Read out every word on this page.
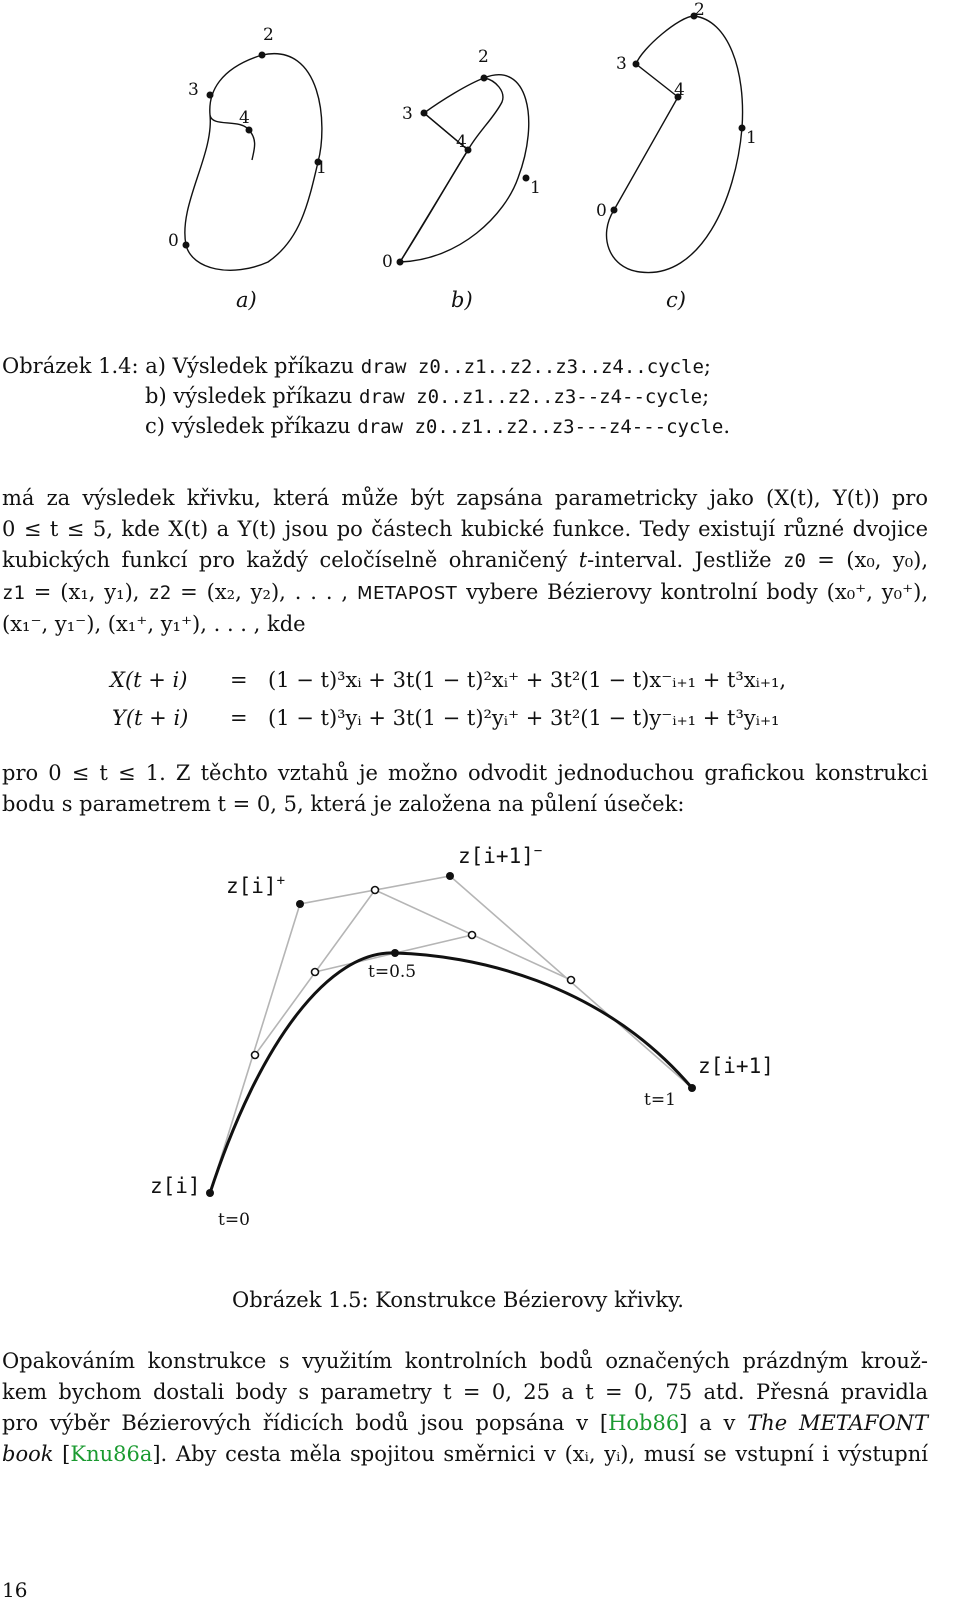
0
1
2
3
4
0
1
2
3
4
0
1
2
3
4
a)	b)	c)
Obrázek 1.4: a) Výsledek příkazu draw z0..z1..z2..z3..z4..cycle;
b) výsledek příkazu draw z0..z1..z2..z3--z4--cycle;
c) výsledek příkazu draw z0..z1..z2..z3---z4---cycle.
má za výsledek křivku, která může být zapsána parametricky jako (X(t), Y(t)) pro
0 ≤ t ≤ 5, kde X(t) a Y(t) jsou po částech kubické funkce. Tedy existují různé dvojice
kubických funkcí pro každý celočíselně ohraničený t-interval. Jestliže z0 = (x₀, y₀),
z1 = (x₁, y₁), z2 = (x₂, y₂), . . . , METAPOST vybere Bézierovy kontrolní body (x₀⁺, y₀⁺),
(x₁⁻, y₁⁻), (x₁⁺, y₁⁺), . . . , kde
X(t + i) = (1 − t)³xᵢ + 3t(1 − t)²xᵢ⁺ + 3t²(1 − t)x⁻ᵢ₊₁ + t³xᵢ₊₁,
Y(t + i) = (1 − t)³yᵢ + 3t(1 − t)²yᵢ⁺ + 3t²(1 − t)y⁻ᵢ₊₁ + t³yᵢ₊₁
pro 0 ≤ t ≤ 1. Z těchto vztahů je možno odvodit jednoduchou grafickou konstrukci
bodu s parametrem t = 0, 5, která je založena na půlení úseček:
z[i]+
z[i+1]−
z[i+1]
z[i]
t=0.5
t=1
t=0
Obrázek 1.5: Konstrukce Bézierovy křivky.
Opakováním konstrukce s využitím kontrolních bodů označených prázdným krouž-
kem bychom dostali body s parametry t = 0, 25 a t = 0, 75 atd. Přesná pravidla
pro výběr Bézierových řídicích bodů jsou popsána v [Hob86] a v The METAFONT
book [Knu86a]. Aby cesta měla spojitou směrnici v (xᵢ, yᵢ), musí se vstupní i výstupní
16
